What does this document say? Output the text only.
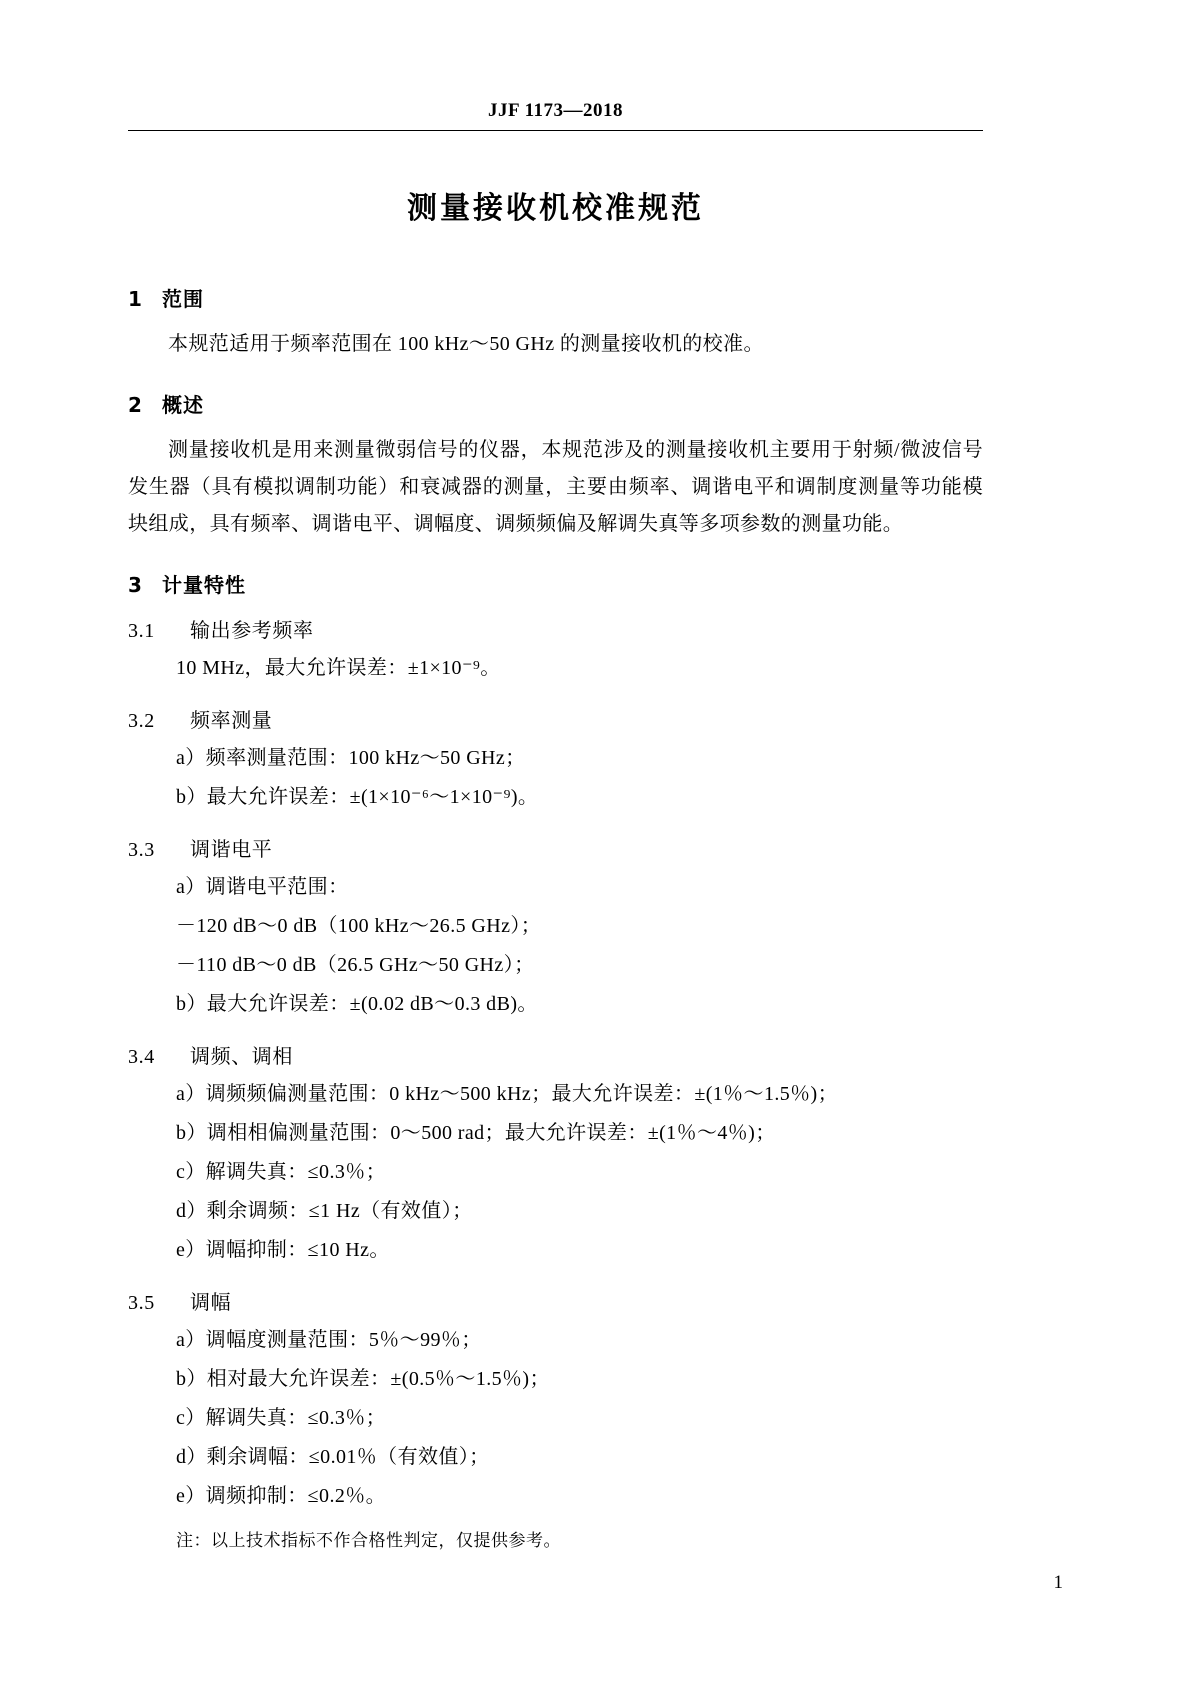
JJF 1173—2018
测量接收机校准规范
1 范围

本规范适用于频率范围在 100 kHz～50 GHz 的测量接收机的校准。

2 概述

测量接收机是用来测量微弱信号的仪器，本规范涉及的测量接收机主要用于射频/微波信号发生器（具有模拟调制功能）和衰减器的测量，主要由频率、调谐电平和调制度测量等功能模块组成，具有频率、调谐电平、调幅度、调频频偏及解调失真等多项参数的测量功能。

3 计量特性
3.1 输出参考频率
10 MHz，最大允许误差：±1×10⁻⁹。
3.2 频率测量
a）频率测量范围：100 kHz～50 GHz；
b）最大允许误差：±(1×10⁻⁶～1×10⁻⁹)。
3.3 调谐电平
a）调谐电平范围：
－120 dB～0 dB（100 kHz～26.5 GHz）；
－110 dB～0 dB（26.5 GHz～50 GHz）；
b）最大允许误差：±(0.02 dB～0.3 dB)。
3.4 调频、调相
a）调频频偏测量范围：0 kHz～500 kHz；最大允许误差：±(1％～1.5％)；
b）调相相偏测量范围：0～500 rad；最大允许误差：±(1％～4％)；
c）解调失真：≤0.3％；
d）剩余调频：≤1 Hz（有效值）；
e）调幅抑制：≤10 Hz。
3.5 调幅
a）调幅度测量范围：5％～99％；
b）相对最大允许误差：±(0.5％～1.5％)；
c）解调失真：≤0.3％；
d）剩余调幅：≤0.01％（有效值）；
e）调频抑制：≤0.2％。
注：以上技术指标不作合格性判定，仅提供参考。
1
